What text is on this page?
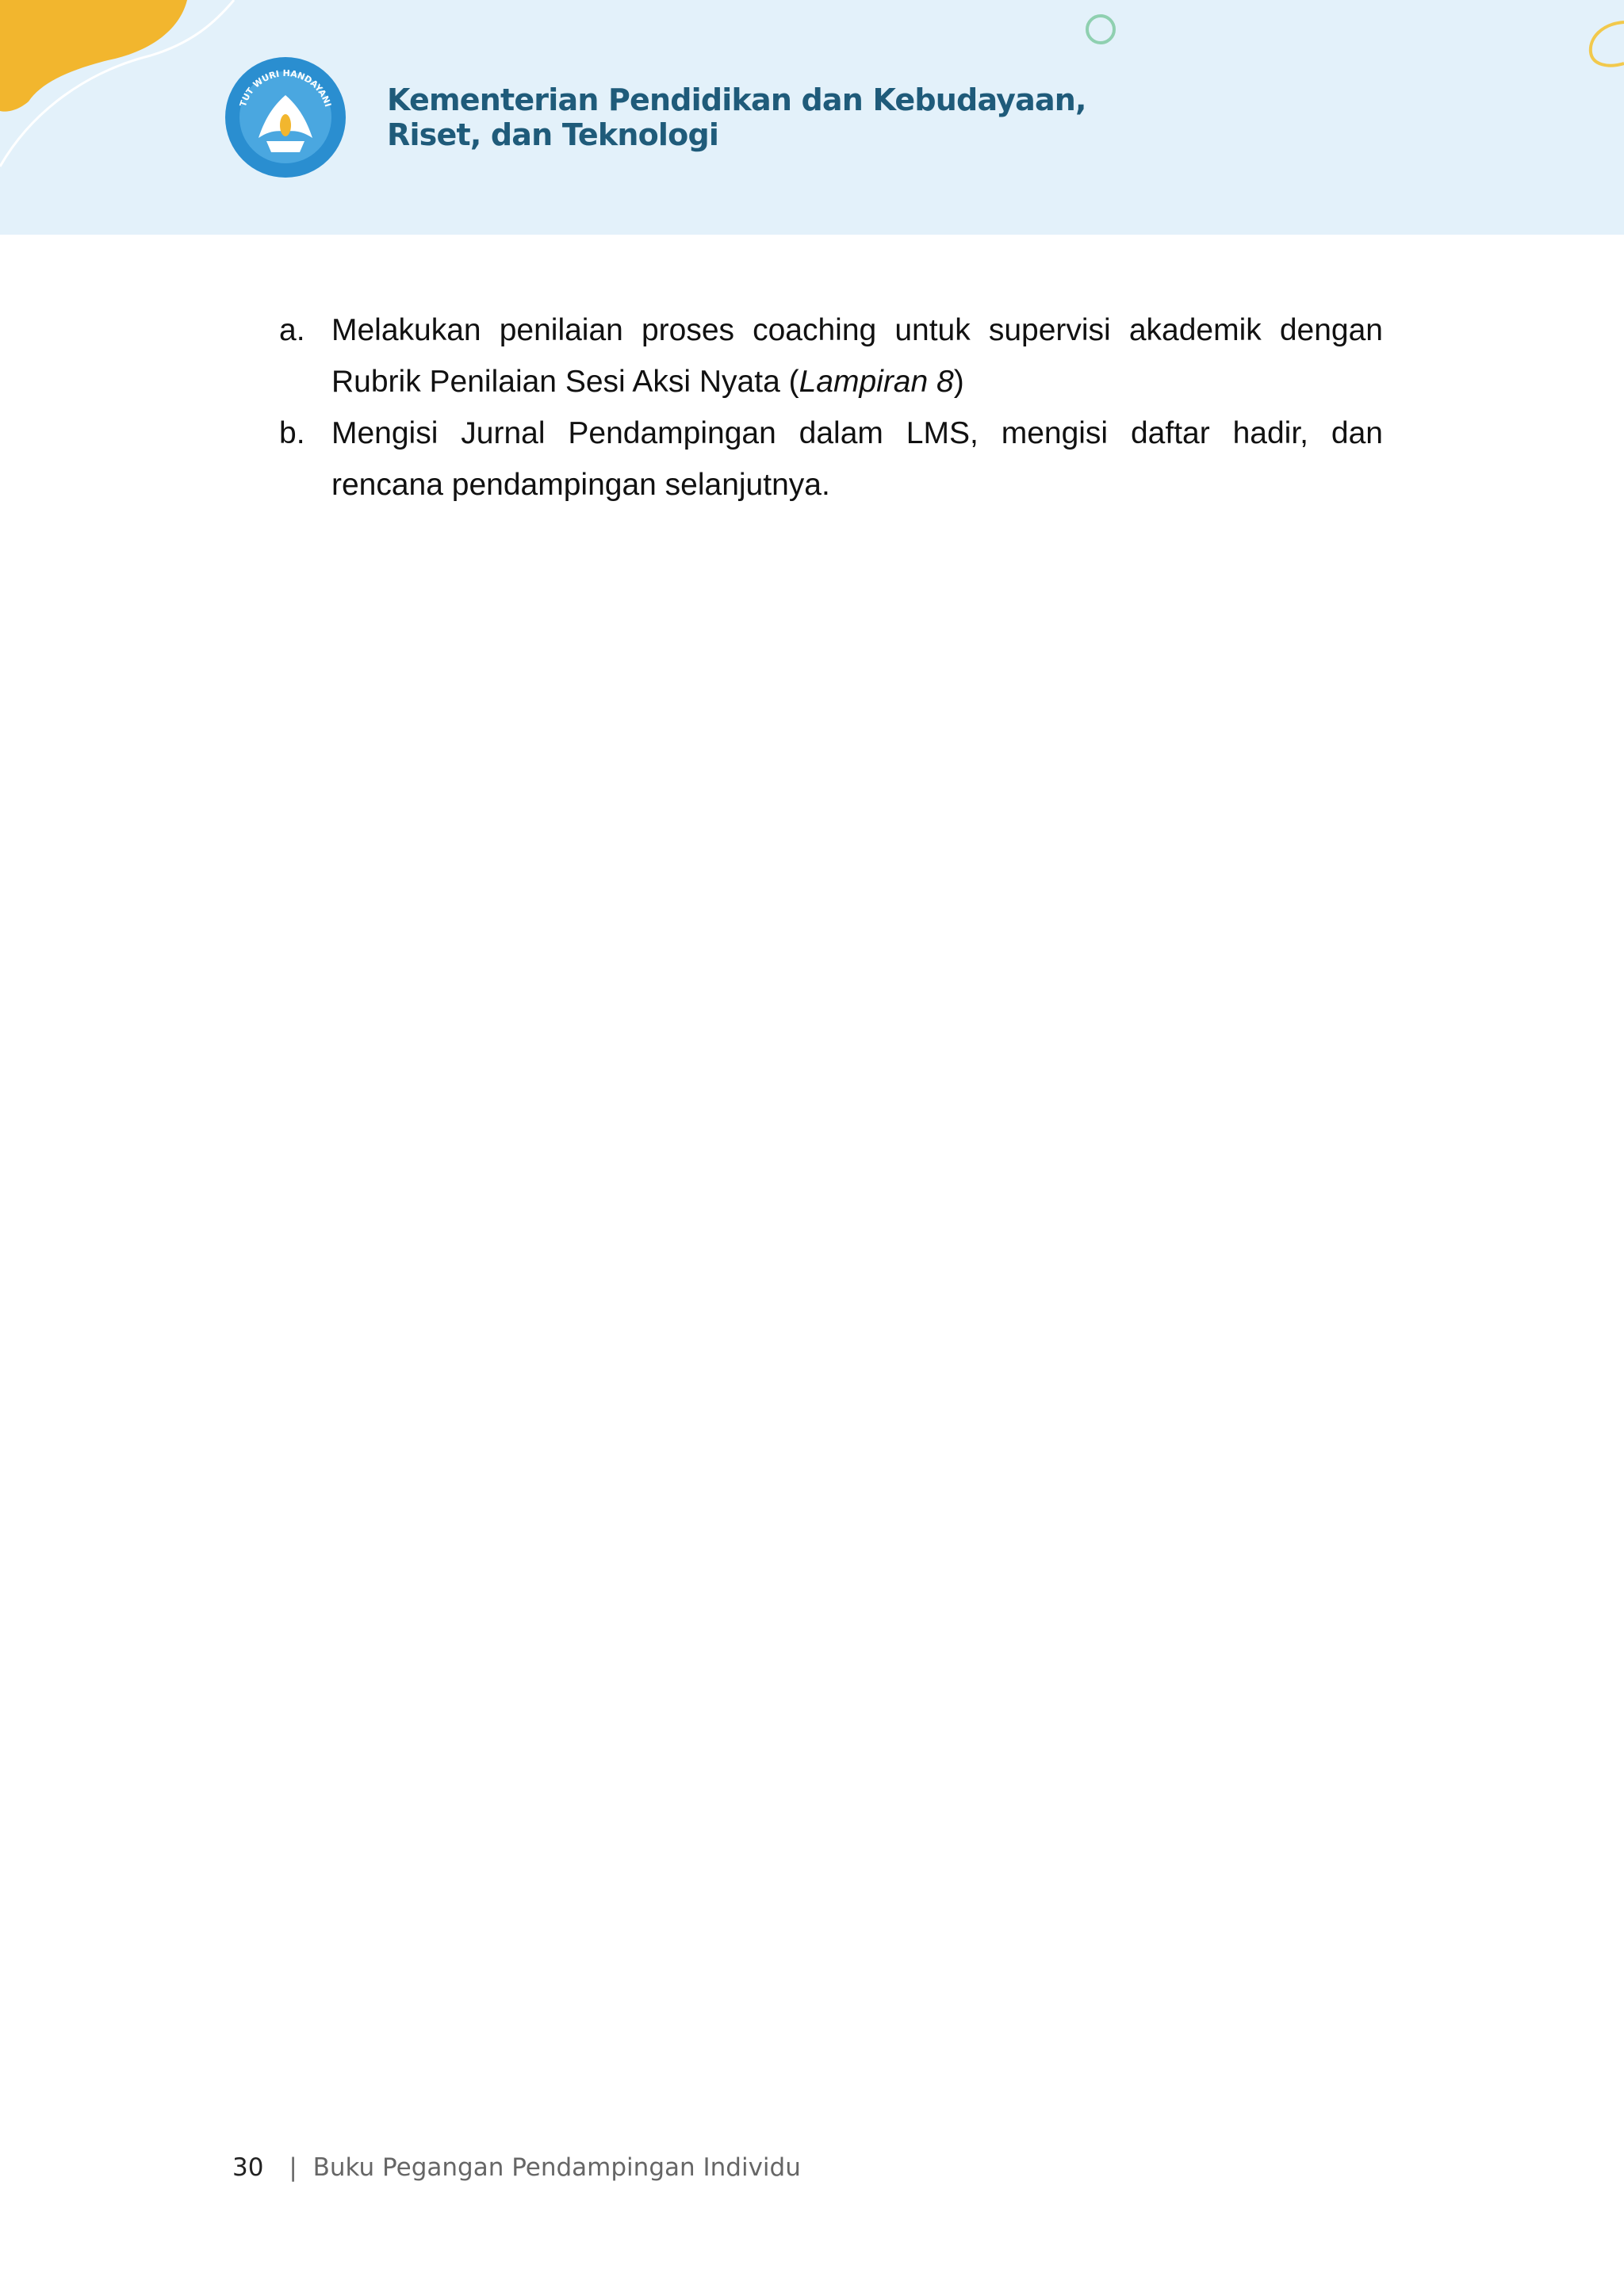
TUT WURI HANDAYANI Kementerian Pendidikan dan Kebudayaan,
Riset, dan Teknologi
a. Melakukan penilaian proses coaching untuk supervisi akademik dengan Rubrik Penilaian Sesi Aksi Nyata (Lampiran 8)
b. Mengisi Jurnal Pendampingan dalam LMS, mengisi daftar hadir, dan rencana pendampingan selanjutnya.
30 | Buku Pegangan Pendampingan Individu
